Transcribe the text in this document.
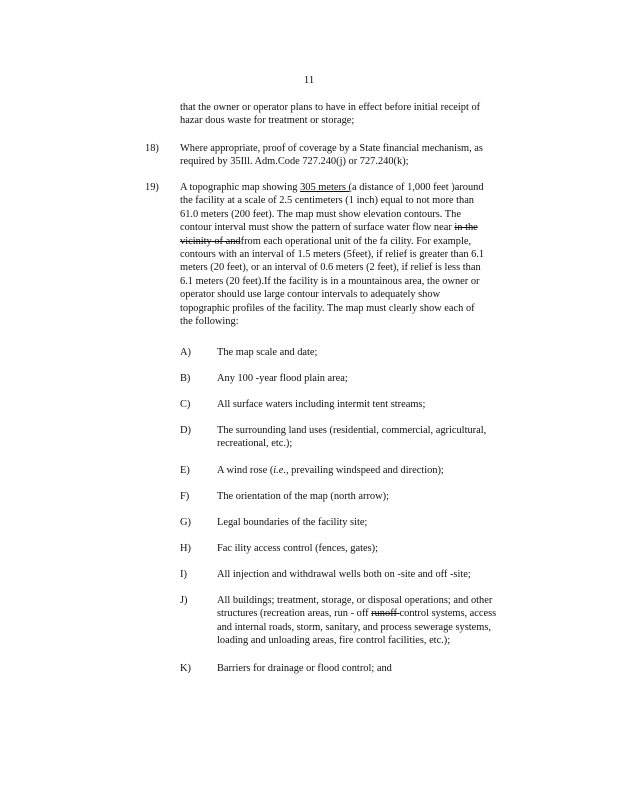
11
that the owner or operator plans to have in effect before initial receipt of
hazar dous waste for treatment or storage;
18) Where appropriate, proof of coverage by a State financial mechanism, as
required by 35Ill. Adm.Code 727.240(j) or 727.240(k);
19) A topographic map showing 305 meters (a distance of 1,000 feet )around
the facility at a scale of 2.5 centimeters (1 inch) equal to not more than
61.0 meters (200 feet). The map must show elevation contours. The
contour interval must show the pattern of surface water flow near in the
vicinity of andfrom each operational unit of the fa cility. For example,
contours with an interval of 1.5 meters (5feet), if relief is greater than 6.1
meters (20 feet), or an interval of 0.6 meters (2 feet), if relief is less than
6.1 meters (20 feet).If the facility is in a mountainous area, the owner or
operator should use large contour intervals to adequately show
topographic profiles of the facility. The map must clearly show each of
the following:
A)	The map scale and date;
B)	Any 100 -year flood plain area;
C)	All surface waters including intermit tent streams;
D)	The surrounding land uses (residential, commercial, agricultural,
recreational, etc.);
E)	A wind rose (i.e., prevailing windspeed and direction);
F)	The orientation of the map (north arrow);
G)	Legal boundaries of the facility site;
H)	Fac ility access control (fences, gates);
I)	All injection and withdrawal wells both on -site and off -site;
J)	All buildings; treatment, storage, or disposal operations; and other
structures (recreation areas, run - off runoff control systems, access
and internal roads, storm, sanitary, and process sewerage systems,
loading and unloading areas, fire control facilities, etc.);
K)	Barriers for drainage or flood control; and
